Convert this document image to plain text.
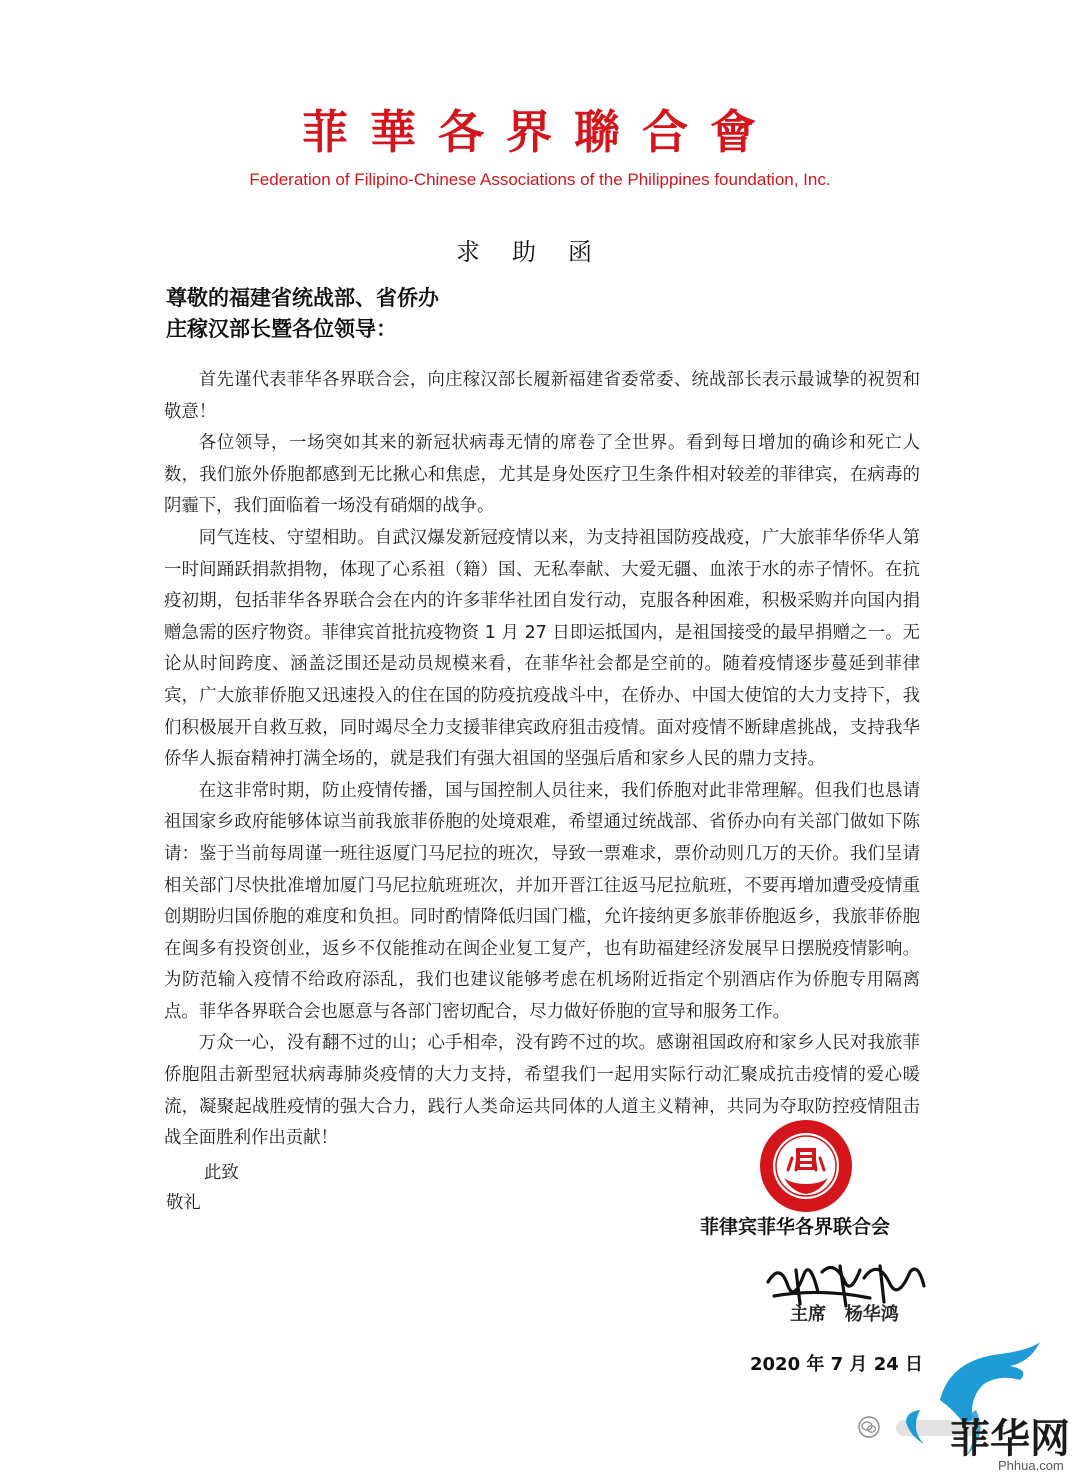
菲華各界聯合會
Federation of Filipino-Chinese Associations of the Philippines foundation, Inc.
求助函
尊敬的福建省统战部、省侨办
庄稼汉部长暨各位领导：

首先谨代表菲华各界联合会，向庄稼汉部长履新福建省委常委、统战部长表示最诚挚的祝贺和敬意！

各位领导，一场突如其来的新冠状病毒无情的席卷了全世界。看到每日增加的确诊和死亡人数，我们旅外侨胞都感到无比揪心和焦虑，尤其是身处医疗卫生条件相对较差的菲律宾，在病毒的阴霾下，我们面临着一场没有硝烟的战争。

同气连枝、守望相助。自武汉爆发新冠疫情以来，为支持祖国防疫战疫，广大旅菲华侨华人第一时间踊跃捐款捐物，体现了心系祖（籍）国、无私奉献、大爱无疆、血浓于水的赤子情怀。在抗疫初期，包括菲华各界联合会在内的许多菲华社团自发行动，克服各种困难，积极采购并向国内捐赠急需的医疗物资。菲律宾首批抗疫物资 1 月 27 日即运抵国内，是祖国接受的最早捐赠之一。无论从时间跨度、涵盖泛围还是动员规模来看，在菲华社会都是空前的。随着疫情逐步蔓延到菲律宾，广大旅菲侨胞又迅速投入的住在国的防疫抗疫战斗中，在侨办、中国大使馆的大力支持下，我们积极展开自救互救，同时竭尽全力支援菲律宾政府狙击疫情。面对疫情不断肆虐挑战，支持我华侨华人振奋精神打满全场的，就是我们有强大祖国的坚强后盾和家乡人民的鼎力支持。

在这非常时期，防止疫情传播，国与国控制人员往来，我们侨胞对此非常理解。但我们也恳请祖国家乡政府能够体谅当前我旅菲侨胞的处境艰难，希望通过统战部、省侨办向有关部门做如下陈请：鉴于当前每周谨一班往返厦门马尼拉的班次，导致一票难求，票价动则几万的天价。我们呈请相关部门尽快批准增加厦门马尼拉航班班次，并加开晋江往返马尼拉航班，不要再增加遭受疫情重创期盼归国侨胞的难度和负担。同时酌情降低归国门槛，允许接纳更多旅菲侨胞返乡，我旅菲侨胞在闽多有投资创业，返乡不仅能推动在闽企业复工复产，也有助福建经济发展早日摆脱疫情影响。为防范输入疫情不给政府添乱，我们也建议能够考虑在机场附近指定个别酒店作为侨胞专用隔离点。菲华各界联合会也愿意与各部门密切配合，尽力做好侨胞的宣导和服务工作。

万众一心，没有翻不过的山；心手相牵，没有跨不过的坎。感谢祖国政府和家乡人民对我旅菲侨胞阻击新型冠状病毒肺炎疫情的大力支持，希望我们一起用实际行动汇聚成抗击疫情的爱心暖流，凝聚起战胜疫情的强大合力，践行人类命运共同体的人道主义精神，共同为夺取防控疫情阻击战全面胜利作出贡献！

此致
敬礼
菲律宾菲华各界联合会
主席 杨华鸿
2020 年 7 月 24 日
菲华网
Phhua.com
